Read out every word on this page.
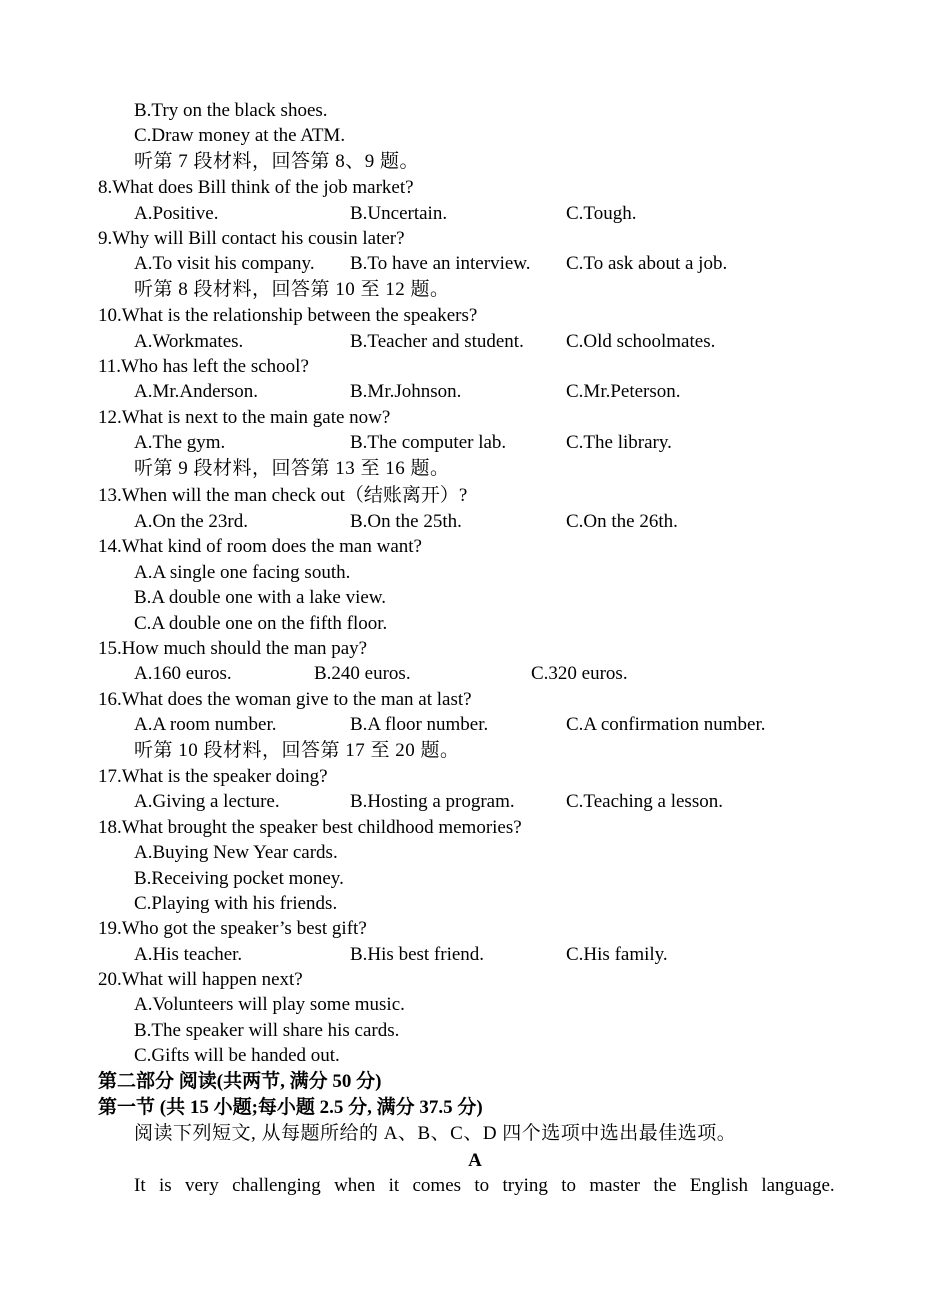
B.Try on the black shoes.
C.Draw money at the ATM.
听第 7 段材料，回答第 8、9 题。
8.What does Bill think of the job market?
A.Positive.	B.Uncertain.	C.Tough.
9.Why will Bill contact his cousin later?
A.To visit his company. B.To have an interview. C.To ask about a job.
听第 8 段材料，回答第 10 至 12 题。
10.What is the relationship between the speakers?
A.Workmates.	B.Teacher and student. C.Old schoolmates.
11.Who has left the school?
A.Mr.Anderson.	B.Mr.Johnson.	C.Mr.Peterson.
12.What is next to the main gate now?
A.The gym.	B.The computer lab.	C.The library.
听第 9 段材料，回答第 13 至 16 题。
13.When will the man check out（结账离开）?
A.On the 23rd.	B.On the 25th.	C.On the 26th.
14.What kind of room does the man want?
A.A single one facing south.
B.A double one with a lake view.
C.A double one on the fifth floor.
15.How much should the man pay?
A.160 euros.	B.240 euros.	C.320 euros.
16.What does the woman give to the man at last?
A.A room number.	B.A floor number.	C.A confirmation number.
听第 10 段材料，回答第 17 至 20 题。
17.What is the speaker doing?
A.Giving a lecture.	B.Hosting a program.	C.Teaching a lesson.
18.What brought the speaker best childhood memories?
A.Buying New Year cards.
B.Receiving pocket money.
C.Playing with his friends.
19.Who got the speaker’s best gift?
A.His teacher.	B.His best friend.	C.His family.
20.What will happen next?
A.Volunteers will play some music.
B.The speaker will share his cards.
C.Gifts will be handed out.
第二部分 阅读(共两节, 满分 50 分)
第一节 (共 15 小题;每小题 2.5 分, 满分 37.5 分)
阅读下列短文, 从每题所给的 A、B、C、D 四个选项中选出最佳选项。
A
It is very challenging when it comes to trying to master the English language.
